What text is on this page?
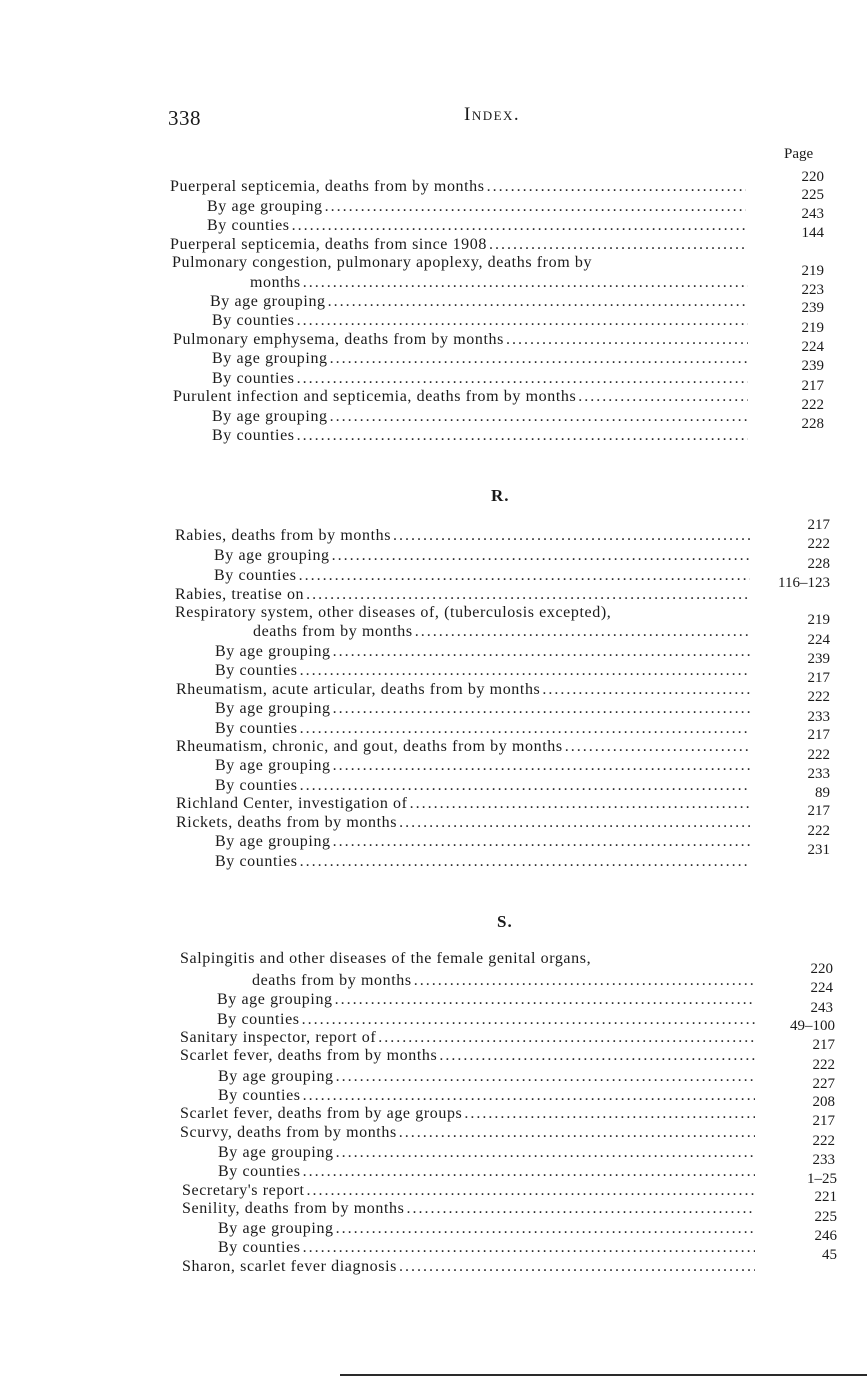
338	Index.
Page
R.
S.
Puerperal septicemia, deaths from by months
.....
220
By age grouping
.....
225
By counties
.....
243
Puerperal septicemia, deaths from since 1908
.....
144
Pulmonary congestion, pulmonary apoplexy, deaths from by
months
.....
219
By age grouping
.....
223
By counties
.....
239
Pulmonary emphysema, deaths from by months
.....
219
By age grouping
.....
224
By counties
.....
239
Purulent infection and septicemia, deaths from by months
.....
217
By age grouping
.....
222
By counties
.....
228
Rabies, deaths from by months
.....
217
By age grouping
.....
222
By counties
.....
228
Rabies, treatise on
.....
116–123
Respiratory system, other diseases of, (tuberculosis excepted),
deaths from by months
.....
219
By age grouping
.....
224
By counties
.....
239
Rheumatism, acute articular, deaths from by months
.....
217
By age grouping
.....
222
By counties
.....
233
Rheumatism, chronic, and gout, deaths from by months
.....
217
By age grouping
.....
222
By counties
.....
233
Richland Center, investigation of
.....
89
Rickets, deaths from by months
.....
217
By age grouping
.....
222
By counties
.....
231
Salpingitis and other diseases of the female genital organs,
deaths from by months
.....
220
By age grouping
.....
224
By counties
.....
243
Sanitary inspector, report of
.....
49–100
Scarlet fever, deaths from by months
.....
217
By age grouping
.....
222
By counties
.....
227
Scarlet fever, deaths from by age groups
.....
208
Scurvy, deaths from by months
.....
217
By age grouping
.....
222
By counties
.....
233
Secretary's report
.....
1–25
Senility, deaths from by months
.....
221
By age grouping
.....
225
By counties
.....
246
Sharon, scarlet fever diagnosis
.....
45
